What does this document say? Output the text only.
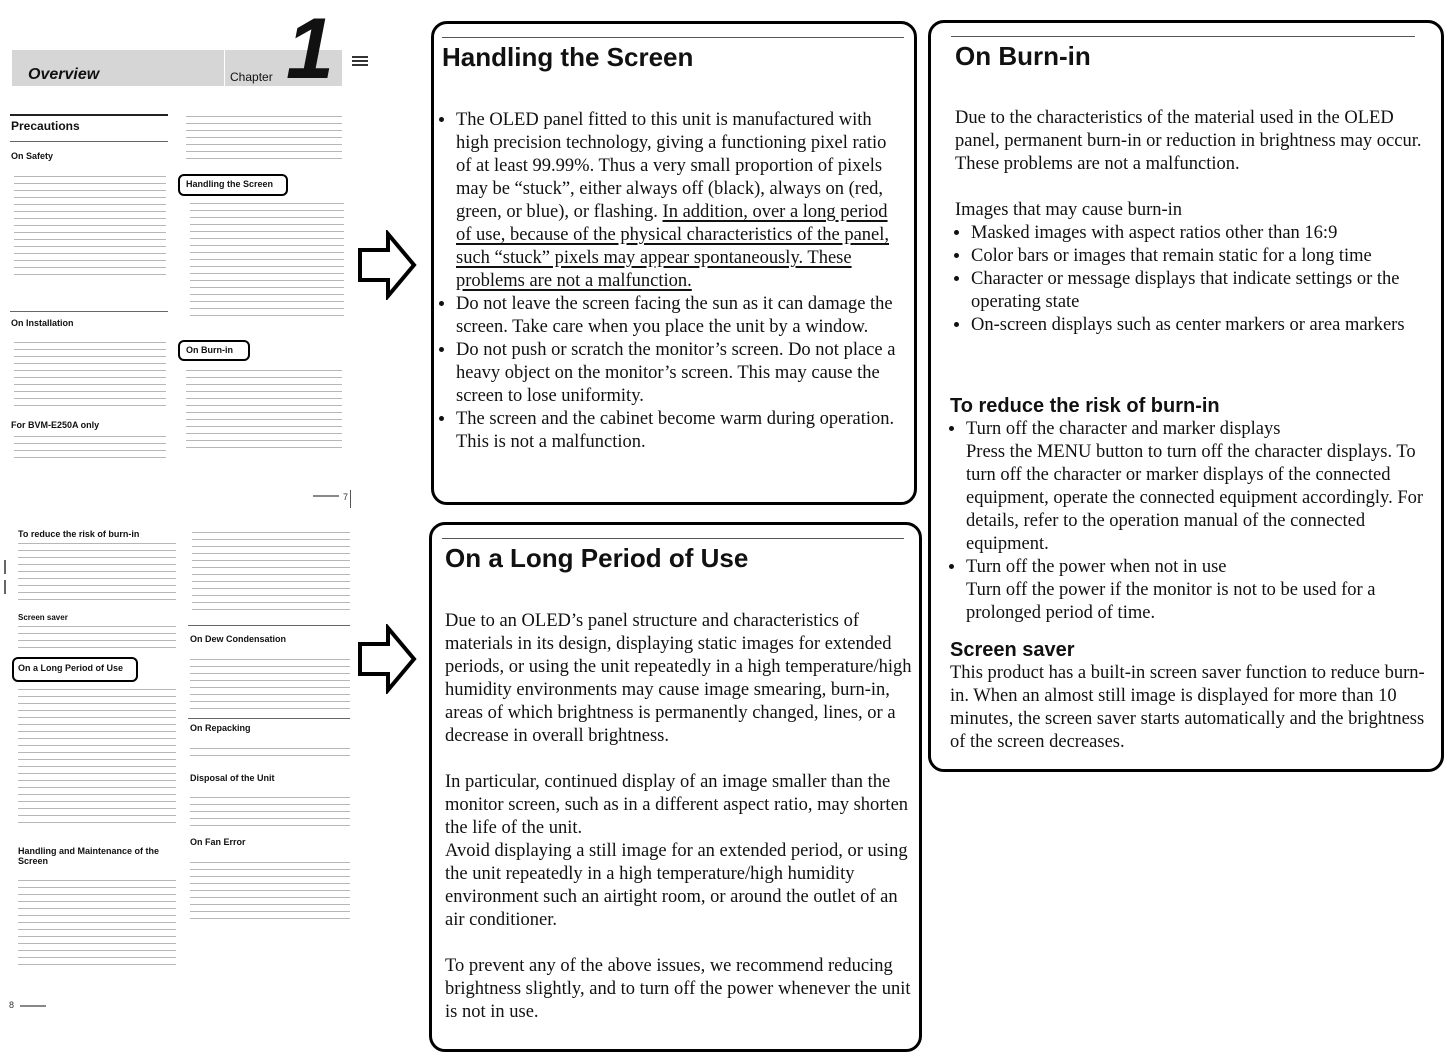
Overview	Chapter 1
Precautions
On Safety
On Installation
For BVM-E250A only
Handling the Screen
On Burn-in
7
To reduce the risk of burn-in
Screen saver
On a Long Period of Use
Handling and Maintenance of the Screen
8
On Dew Condensation
On Repacking
Disposal of the Unit
On Fan Error
Handling the Screen
• The OLED panel fitted to this unit is manufactured with high precision technology, giving a functioning pixel ratio of at least 99.99%. Thus a very small proportion of pixels may be “stuck”, either always off (black), always on (red, green, or blue), or flashing. In addition, over a long period of use, because of the physical characteristics of the panel, such “stuck” pixels may appear spontaneously. These problems are not a malfunction.
• Do not leave the screen facing the sun as it can damage the screen. Take care when you place the unit by a window.
• Do not push or scratch the monitor’s screen. Do not place a heavy object on the monitor’s screen. This may cause the screen to lose uniformity.
• The screen and the cabinet become warm during operation. This is not a malfunction.
On a Long Period of Use

Due to an OLED’s panel structure and characteristics of materials in its design, displaying static images for extended periods, or using the unit repeatedly in a high temperature/high humidity environments may cause image smearing, burn-in, areas of which brightness is permanently changed, lines, or a decrease in overall brightness.

In particular, continued display of an image smaller than the monitor screen, such as in a different aspect ratio, may shorten the life of the unit.

Avoid displaying a still image for an extended period, or using the unit repeatedly in a high temperature/high humidity environment such an airtight room, or around the outlet of an air conditioner.

To prevent any of the above issues, we recommend reducing brightness slightly, and to turn off the power whenever the unit is not in use.

On Burn-in

Due to the characteristics of the material used in the OLED panel, permanent burn-in or reduction in brightness may occur.

These problems are not a malfunction.

Images that may cause burn-in

• Masked images with aspect ratios other than 16:9
• Color bars or images that remain static for a long time
• Character or message displays that indicate settings or the operating state
• On-screen displays such as center markers or area markers

To reduce the risk of burn-in

• Turn off the character and marker displays
Press the MENU button to turn off the character displays. To turn off the character or marker displays of the connected equipment, operate the connected equipment accordingly. For details, refer to the operation manual of the connected equipment.
• Turn off the power when not in use
Turn off the power if the monitor is not to be used for a prolonged period of time.

Screen saver

This product has a built-in screen saver function to reduce burn-in. When an almost still image is displayed for more than 10 minutes, the screen saver starts automatically and the brightness of the screen decreases.
